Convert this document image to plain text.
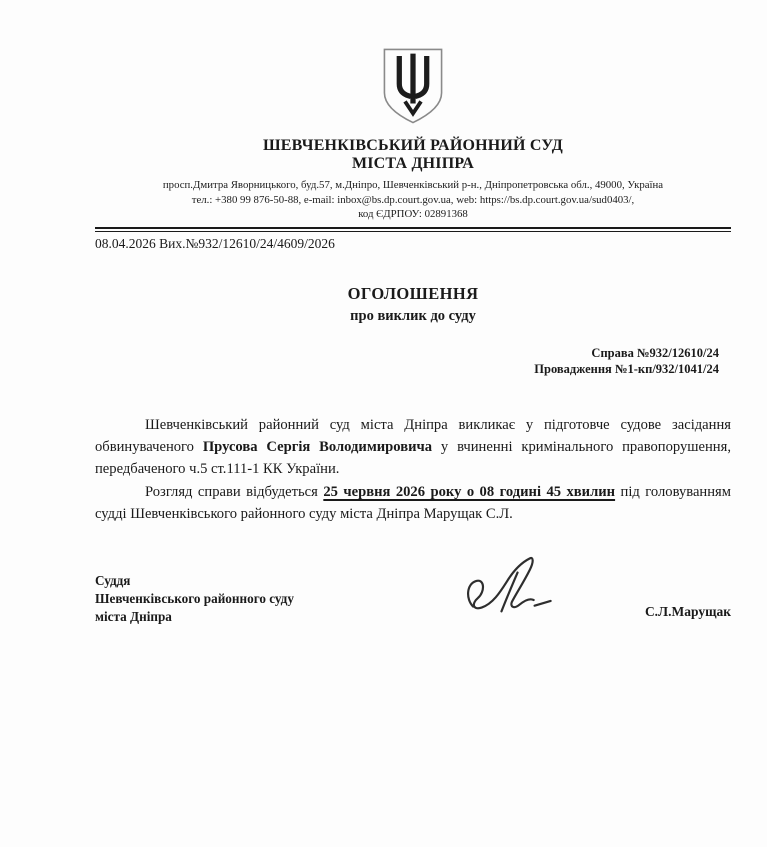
ШЕВЧЕНКІВСЬКИЙ РАЙОННИЙ СУД
МІСТА ДНІПРА
просп.Дмитра Яворницького, буд.57, м.Дніпро, Шевченківський р-н., Дніпропетровська обл., 49000, Україна
тел.: +380 99 876-50-88, e-mail: inbox@bs.dp.court.gov.ua, web: https://bs.dp.court.gov.ua/sud0403/,
код ЄДРПОУ: 02891368
08.04.2026 Вих.№932/12610/24/4609/2026
ОГОЛОШЕННЯ
про виклик до суду
Справа №932/12610/24
Провадження №1-кп/932/1041/24

Шевченківський районний суд міста Дніпра викликає у підготовче судове засідання обвинуваченого Прусова Сергія Володимировича у вчиненні кримінального правопорушення, передбаченого ч.5 ст.111-1 КК України.

Розгляд справи відбудеться 25 червня 2026 року о 08 годині 45 хвилин під головуванням судді Шевченківського районного суду міста Дніпра Марущак С.Л.

Суддя
Шевченківського районного суду
міста Дніпра	С.Л.Марущак
